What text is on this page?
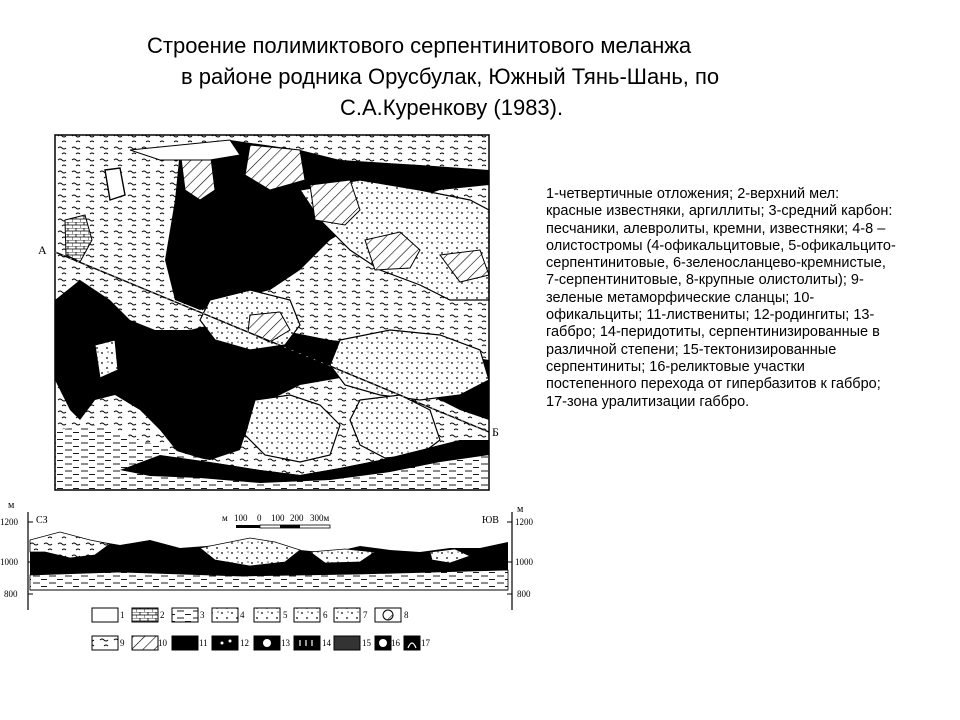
Строение полимиктового серпентинитового меланжа
в районе родника Орусбулак, Южный Тянь-Шань, по
С.А.Куренкову (1983).

1-четвертичные отложения; 2-верхний мел: красные известняки, аргиллиты; 3-средний карбон: песчаники, алевролиты, кремни, известняки; 4-8 – олистостромы (4-офикальцитовые, 5-офикальцито-серпентинитовые, 6-зеленосланцево-кремнистые, 7-серпентинитовые, 8-крупные олистолиты); 9-зеленые метаморфические сланцы; 10-офикальциты; 11-листвениты; 12-родингиты; 13-габбро; 14-перидотиты, серпентинизированные в различной степени; 15-тектонизированные серпентиниты; 16-реликтовые участки постепенного перехода от гипербазитов к габбро; 17-зона уралитизации габбро.

А
Б
м
1200
1000
800
СЗ
м
1200
1000
800
ЮВ
м 100 0 100 200 300м
1	2	3	4	5	6	7	8
9	10	11	12	13	14	15 16 17
